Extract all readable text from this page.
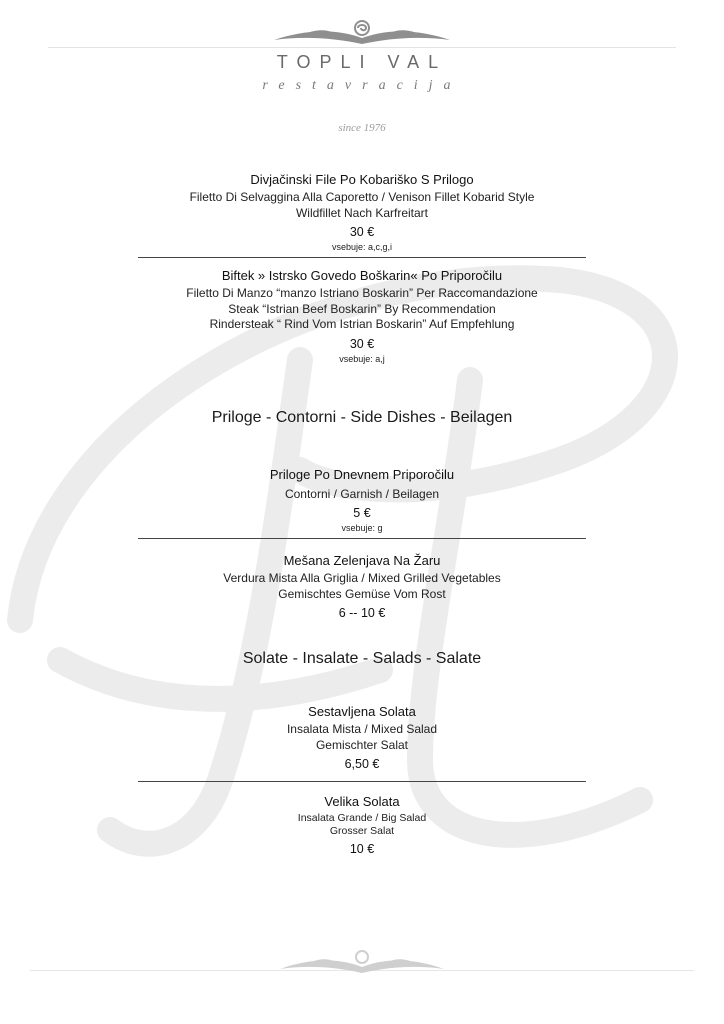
TOPLI VAL
restavracija
since 1976
Divjačinski File Po Kobariško S Prilogo
Filetto Di Selvaggina Alla Caporetto / Venison Fillet Kobarid Style
Wildfillet Nach Karfreitart
30 €
vsebuje: a,c,g,i
Biftek » Istrsko Govedo Boškarin« Po Priporočilu
Filetto Di Manzo “manzo Istriano Boskarin” Per Raccomandazione
Steak “Istrian Beef Boskarin” By Recommendation
Rindersteak “ Rind Vom Istrian Boskarin” Auf Empfehlung
30 €
vsebuje: a,j
Priloge - Contorni - Side Dishes - Beilagen
Priloge Po Dnevnem Priporočilu
Contorni / Garnish / Beilagen
5 €
vsebuje: g
Mešana Zelenjava Na Žaru
Verdura Mista Alla Griglia / Mixed Grilled Vegetables
Gemischtes Gemüse Vom Rost
6 -- 10 €
Solate - Insalate - Salads - Salate
Sestavljena Solata
Insalata Mista / Mixed Salad
Gemischter Salat
6,50 €
Velika Solata
Insalata Grande / Big Salad
Grosser Salat
10 €
